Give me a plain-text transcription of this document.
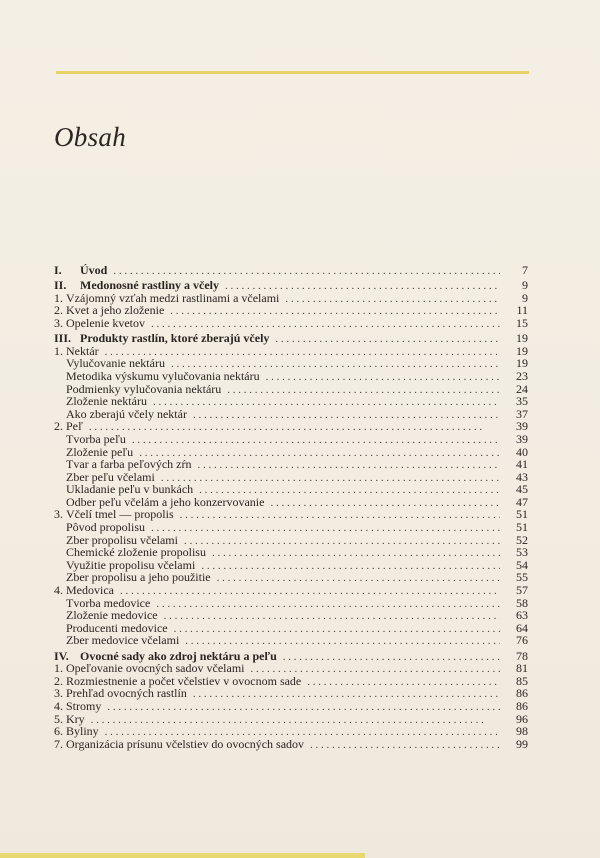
Obsah
I.	Úvod . . .	7
II.	Medonosné rastliny a včely . . .	9
1. Vzájomný vzťah medzi rastlinami a včelami . . .	9
2. Kvet a jeho zloženie . . .	11
3. Opelenie kvetov . . .	15
III. Produkty rastlín, ktoré zberajú včely . . .	19
1. Nektár . . .	19
Vylučovanie nektáru . . .	19
Metodika výskumu vylučovania nektáru . . .	23
Podmienky vylučovania nektáru . . .	24
Zloženie nektáru . . .	35
Ako zberajú včely nektár . . .	37
2. Peľ . . .	39
Tvorba peľu . . .	39
Zloženie peľu . . .	40
Tvar a farba peľových zŕn . . .	41
Zber peľu včelami . . .	43
Ukladanie peľu v bunkách . . .	45
Odber peľu včelám a jeho konzervovanie . . .	47
3. Včelí tmel — propolis . . .	51
Pôvod propolisu . . .	51
Zber propolisu včelami . . .	52
Chemické zloženie propolisu . . .	53
Využitie propolisu včelami . . .	54
Zber propolisu a jeho použitie . . .	55
4. Medovica . . .	57
Tvorba medovice . . .	58
Zloženie medovice . . .	63
Producenti medovice . . .	64
Zber medovice včelami . . .	76
IV. Ovocné sady ako zdroj nektáru a peľu . . .	78
1. Opeľovanie ovocných sadov včelami . . .	81
2. Rozmiestnenie a počet včelstiev v ovocnom sade . . .	85
3. Prehľad ovocných rastlín . . .	86
4. Stromy . . .	86
5. Kry . . .	96
6. Byliny . . .	98
7. Organizácia prísunu včelstiev do ovocných sadov . . .	99
